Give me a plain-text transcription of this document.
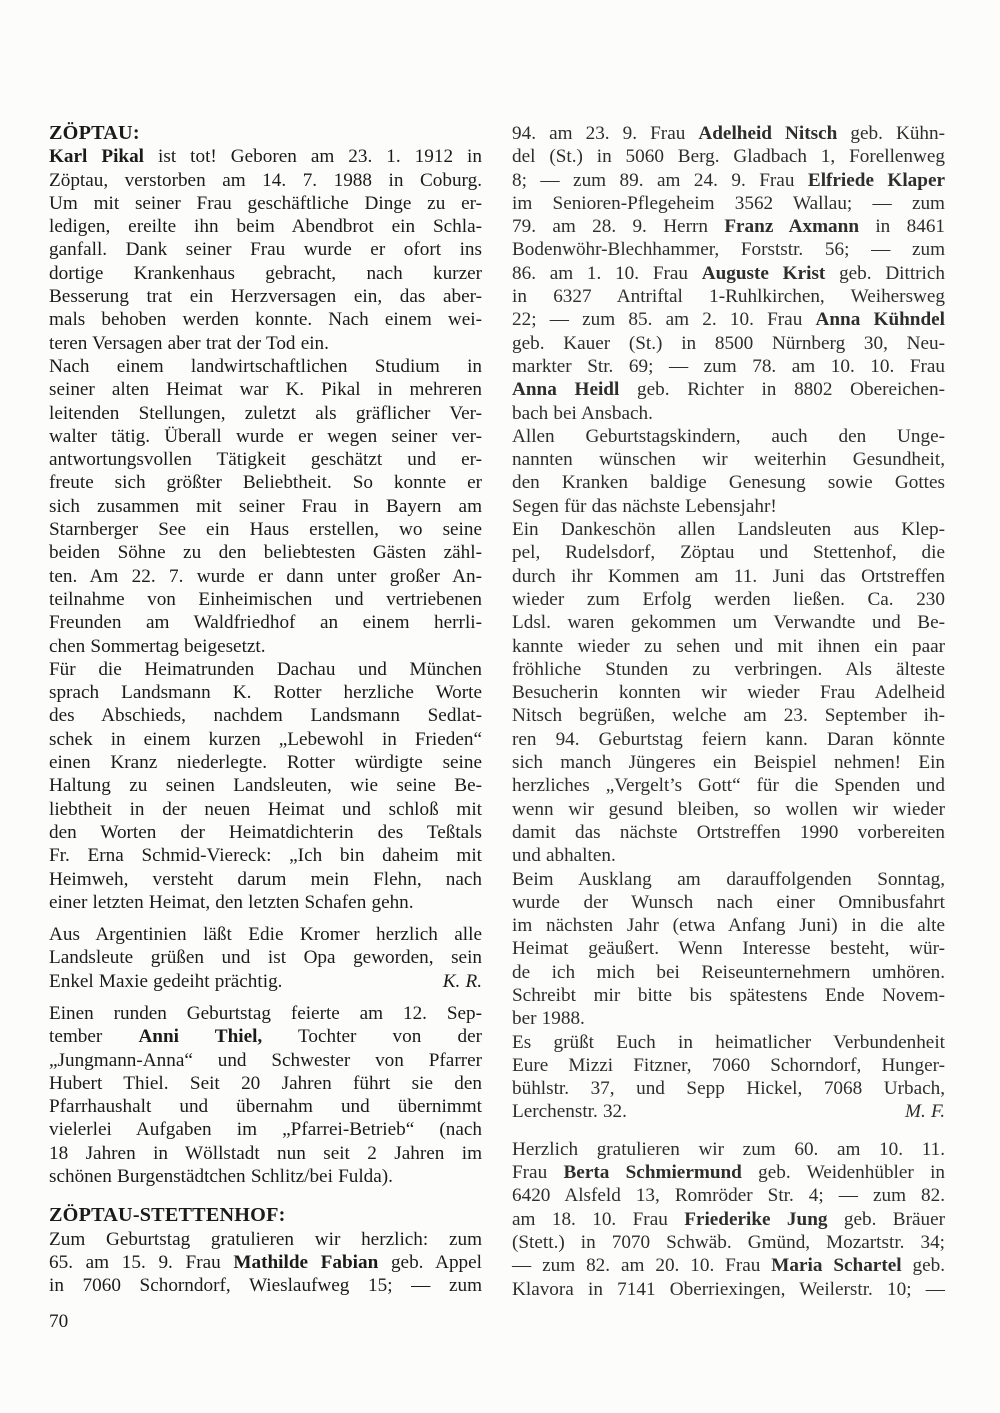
ZÖPTAU:
Karl Pikal ist tot! Geboren am 23. 1. 1912 in
Zöptau, verstorben am 14. 7. 1988 in Coburg.
Um mit seiner Frau geschäftliche Dinge zu er-
ledigen, ereilte ihn beim Abendbrot ein Schla-
ganfall. Dank seiner Frau wurde er ofort ins
dortige Krankenhaus gebracht, nach kurzer
Besserung trat ein Herzversagen ein, das aber-
mals behoben werden konnte. Nach einem wei-
teren Versagen aber trat der Tod ein.
Nach einem landwirtschaftlichen Studium in
seiner alten Heimat war K. Pikal in mehreren
leitenden Stellungen, zuletzt als gräflicher Ver-
walter tätig. Überall wurde er wegen seiner ver-
antwortungsvollen Tätigkeit geschätzt und er-
freute sich größter Beliebtheit. So konnte er
sich zusammen mit seiner Frau in Bayern am
Starnberger See ein Haus erstellen, wo seine
beiden Söhne zu den beliebtesten Gästen zähl-
ten. Am 22. 7. wurde er dann unter großer An-
teilnahme von Einheimischen und vertriebenen
Freunden am Waldfriedhof an einem herrli-
chen Sommertag beigesetzt.
Für die Heimatrunden Dachau und München
sprach Landsmann K. Rotter herzliche Worte
des Abschieds, nachdem Landsmann Sedlat-
schek in einem kurzen „Lebewohl in Frieden“
einen Kranz niederlegte. Rotter würdigte seine
Haltung zu seinen Landsleuten, wie seine Be-
liebtheit in der neuen Heimat und schloß mit
den Worten der Heimatdichterin des Teßtals
Fr. Erna Schmid-Viereck: „Ich bin daheim mit
Heimweh, versteht darum mein Flehn, nach
einer letzten Heimat, den letzten Schafen gehn.
Aus Argentinien läßt Edie Kromer herzlich alle
Landsleute grüßen und ist Opa geworden, sein
Enkel Maxie gedeiht prächtig.	K. R.
Einen runden Geburtstag feierte am 12. Sep-
tember Anni Thiel, Tochter von der
„Jungmann-Anna“ und Schwester von Pfarrer
Hubert Thiel. Seit 20 Jahren führt sie den
Pfarrhaushalt und übernahm und übernimmt
vielerlei Aufgaben im „Pfarrei-Betrieb“ (nach
18 Jahren in Wöllstadt nun seit 2 Jahren im
schönen Burgenstädtchen Schlitz/bei Fulda).
ZÖPTAU-STETTENHOF:
Zum Geburtstag gratulieren wir herzlich: zum
65. am 15. 9. Frau Mathilde Fabian geb. Appel
in 7060 Schorndorf, Wieslaufweg 15; — zum
94. am 23. 9. Frau Adelheid Nitsch geb. Kühn-
del (St.) in 5060 Berg. Gladbach 1, Forellenweg
8; — zum 89. am 24. 9. Frau Elfriede Klaper
im Senioren-Pflegeheim 3562 Wallau; — zum
79. am 28. 9. Herrn Franz Axmann in 8461
Bodenwöhr-Blechhammer, Forststr. 56; — zum
86. am 1. 10. Frau Auguste Krist geb. Dittrich
in 6327 Antriftal 1-Ruhlkirchen, Weihersweg
22; — zum 85. am 2. 10. Frau Anna Kühndel
geb. Kauer (St.) in 8500 Nürnberg 30, Neu-
markter Str. 69; — zum 78. am 10. 10. Frau
Anna Heidl geb. Richter in 8802 Obereichen-
bach bei Ansbach.
Allen Geburtstagskindern, auch den Unge-
nannten wünschen wir weiterhin Gesundheit,
den Kranken baldige Genesung sowie Gottes
Segen für das nächste Lebensjahr!
Ein Dankeschön allen Landsleuten aus Klep-
pel, Rudelsdorf, Zöptau und Stettenhof, die
durch ihr Kommen am 11. Juni das Ortstreffen
wieder zum Erfolg werden ließen. Ca. 230
Ldsl. waren gekommen um Verwandte und Be-
kannte wieder zu sehen und mit ihnen ein paar
fröhliche Stunden zu verbringen. Als älteste
Besucherin konnten wir wieder Frau Adelheid
Nitsch begrüßen, welche am 23. September ih-
ren 94. Geburtstag feiern kann. Daran könnte
sich manch Jüngeres ein Beispiel nehmen! Ein
herzliches „Vergelt’s Gott“ für die Spenden und
wenn wir gesund bleiben, so wollen wir wieder
damit das nächste Ortstreffen 1990 vorbereiten
und abhalten.
Beim Ausklang am darauffolgenden Sonntag,
wurde der Wunsch nach einer Omnibusfahrt
im nächsten Jahr (etwa Anfang Juni) in die alte
Heimat geäußert. Wenn Interesse besteht, wür-
de ich mich bei Reiseunternehmern umhören.
Schreibt mir bitte bis spätestens Ende Novem-
ber 1988.
Es grüßt Euch in heimatlicher Verbundenheit
Eure Mizzi Fitzner, 7060 Schorndorf, Hunger-
bühlstr. 37, und Sepp Hickel, 7068 Urbach,
Lerchenstr. 32.	M. F.
Herzlich gratulieren wir zum 60. am 10. 11.
Frau Berta Schmiermund geb. Weidenhübler in
6420 Alsfeld 13, Romröder Str. 4; — zum 82.
am 18. 10. Frau Friederike Jung geb. Bräuer
(Stett.) in 7070 Schwäb. Gmünd, Mozartstr. 34;
— zum 82. am 20. 10. Frau Maria Schartel geb.
Klavora in 7141 Oberriexingen, Weilerstr. 10; —
70
